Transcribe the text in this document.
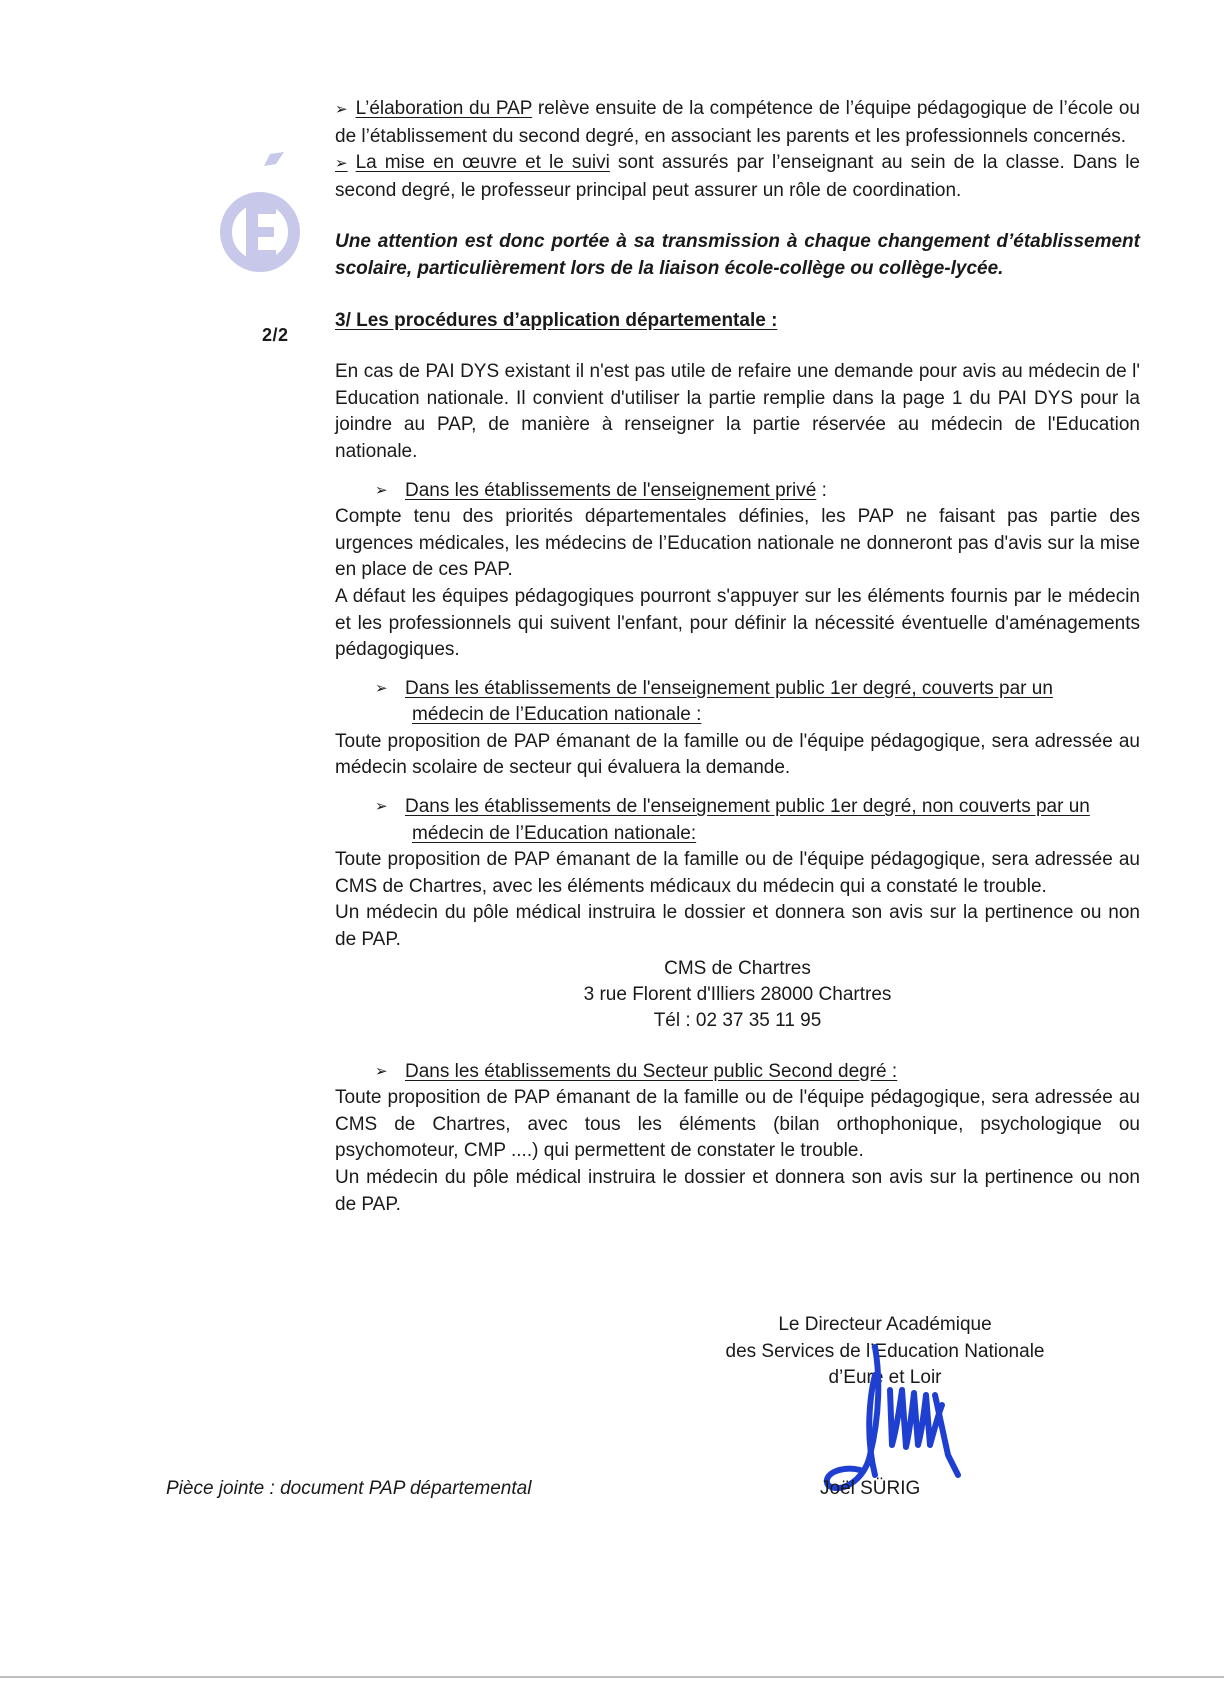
2/2

➢ L’élaboration du PAP relève ensuite de la compétence de l’équipe pédagogique de l’école ou de l’établissement du second degré, en associant les parents et les professionnels concernés.

➢ La mise en œuvre et le suivi sont assurés par l’enseignant au sein de la classe. Dans le second degré, le professeur principal peut assurer un rôle de coordination.

Une attention est donc portée à sa transmission à chaque changement d’établissement scolaire, particulièrement lors de la liaison école-collège ou collège-lycée.

3/ Les procédures d’application départementale :

En cas de PAI DYS existant il n'est pas utile de refaire une demande pour avis au médecin de l' Education nationale. Il convient d'utiliser la partie remplie dans la page 1 du PAI DYS pour la joindre au PAP, de manière à renseigner la partie réservée au médecin de l'Education nationale.

➢ Dans les établissements de l'enseignement privé :

Compte tenu des priorités départementales définies, les PAP ne faisant pas partie des urgences médicales, les médecins de l’Education nationale ne donneront pas d'avis sur la mise en place de ces PAP.

A défaut les équipes pédagogiques pourront s'appuyer sur les éléments fournis par le médecin et les professionnels qui suivent l'enfant, pour définir la nécessité éventuelle d'aménagements pédagogiques.

➢ Dans les établissements de l'enseignement public 1er degré, couverts par un
médecin de l’Education nationale :

Toute proposition de PAP émanant de la famille ou de l'équipe pédagogique, sera adressée au médecin scolaire de secteur qui évaluera la demande.

➢ Dans les établissements de l'enseignement public 1er degré, non couverts par un
médecin de l’Education nationale:

Toute proposition de PAP émanant de la famille ou de l'équipe pédagogique, sera adressée au CMS de Chartres, avec les éléments médicaux du médecin qui a constaté le trouble.

Un médecin du pôle médical instruira le dossier et donnera son avis sur la pertinence ou non de PAP.

CMS de Chartres
3 rue Florent d'Illiers 28000 Chartres
Tél : 02 37 35 11 95
➢ Dans les établissements du Secteur public Second degré :

Toute proposition de PAP émanant de la famille ou de l'équipe pédagogique, sera adressée au CMS de Chartres, avec tous les éléments (bilan orthophonique, psychologique ou psychomoteur, CMP ....) qui permettent de constater le trouble.

Un médecin du pôle médical instruira le dossier et donnera son avis sur la pertinence ou non de PAP.

Le Directeur Académique
des Services de l’Education Nationale
d’Eure et Loir
Joël SÜRIG
Pièce jointe : document PAP départemental
